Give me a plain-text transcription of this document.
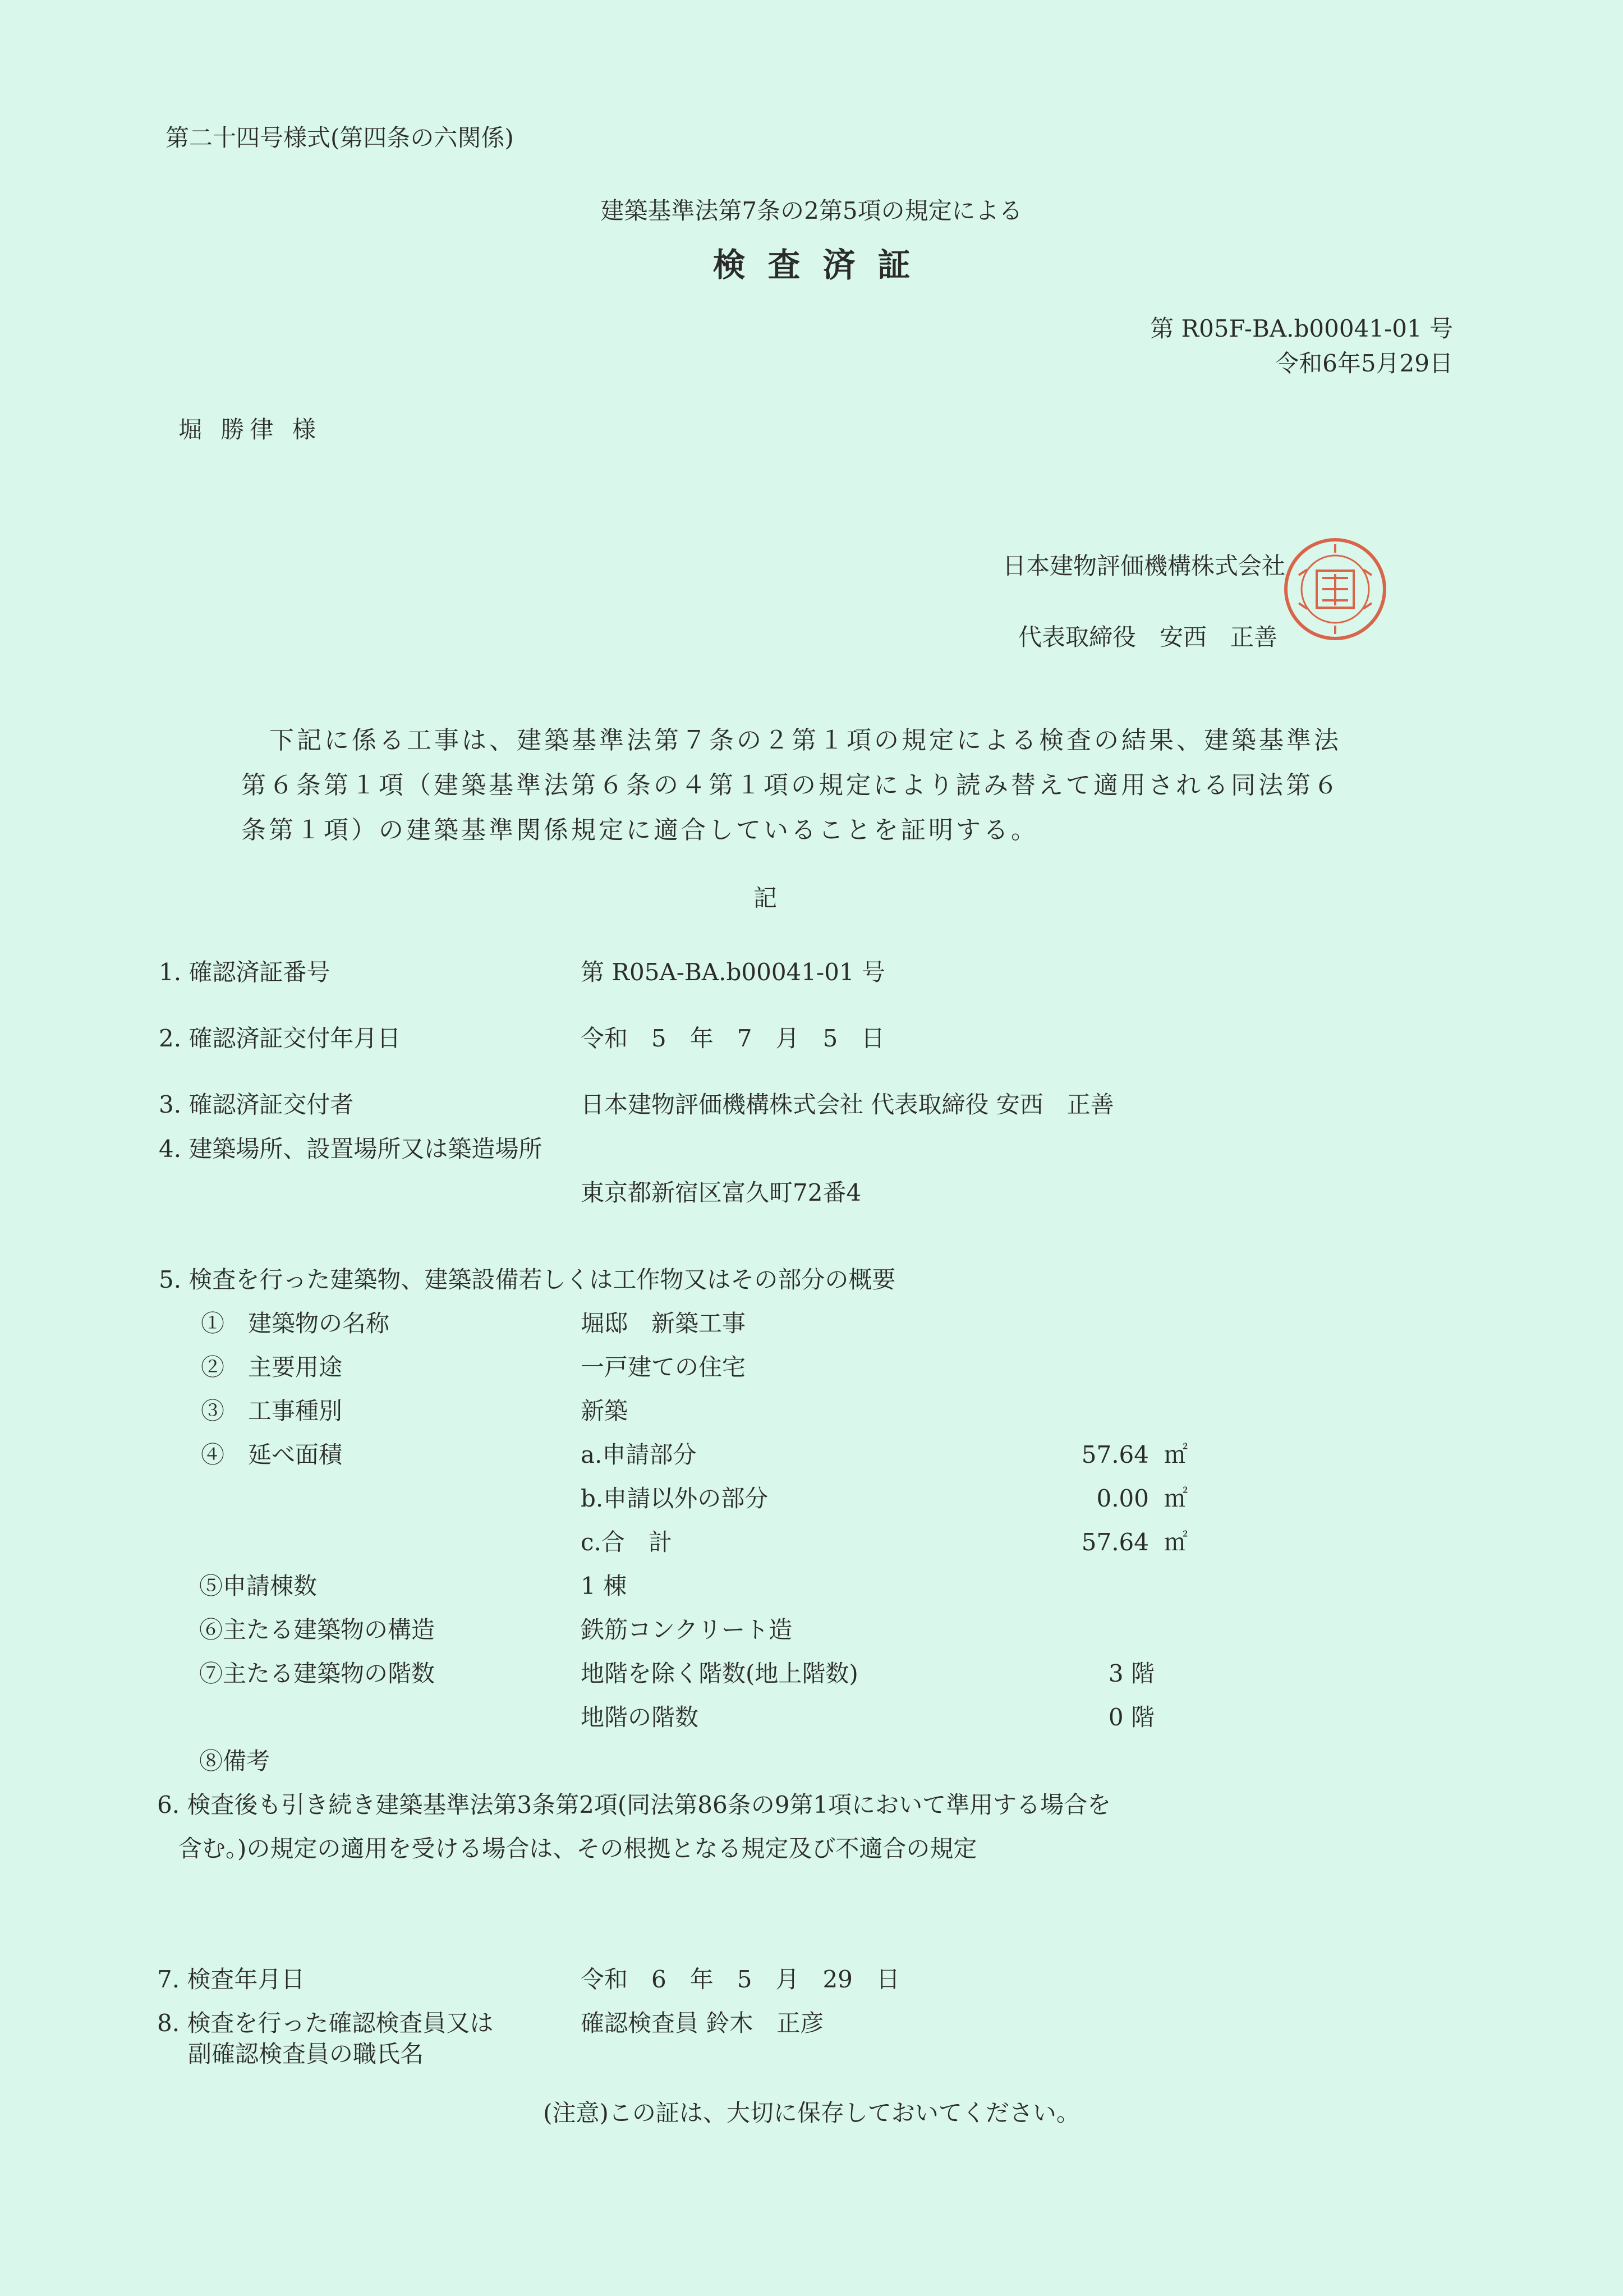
第二十四号様式(第四条の六関係)
建築基準法第7条の2第5項の規定による
検査済証
第 R05F-BA.b00041-01 号
令和6年5月29日
堀 勝律 様
日本建物評価機構株式会社
代表取締役　安西　正善
下記に係る工事は、建築基準法第７条の２第１項の規定による検査の結果、建築基準法第６条第１項（建築基準法第６条の４第１項の規定により読み替えて適用される同法第６条第１項）の建築基準関係規定に適合していることを証明する。
記
1. 確認済証番号	第 R05A-BA.b00041-01 号
2. 確認済証交付年月日	令和　5　年　7　月　5　日
3. 確認済証交付者	日本建物評価機構株式会社 代表取締役 安西　正善
4. 建築場所、設置場所又は築造場所
東京都新宿区富久町72番4
5. 検査を行った建築物、建築設備若しくは工作物又はその部分の概要
①　建築物の名称	堀邸　新築工事
②　主要用途	一戸建ての住宅
③　工事種別	新築
④　延べ面積	a.申請部分	57.64 ㎡
b.申請以外の部分	0.00 ㎡
c.合　計	57.64 ㎡
⑤申請棟数	1 棟
⑥主たる建築物の構造	鉄筋コンクリート造
⑦主たる建築物の階数	地階を除く階数(地上階数)	3 階
地階の階数	0 階
⑧備考
6. 検査後も引き続き建築基準法第3条第2項(同法第86条の9第1項において準用する場合を
含む。)の規定の適用を受ける場合は、その根拠となる規定及び不適合の規定
7. 検査年月日	令和　6　年　5　月　29　日
8. 検査を行った確認検査員又は
副確認検査員の職氏名
確認検査員 鈴木　正彦
(注意)この証は、大切に保存しておいてください。
